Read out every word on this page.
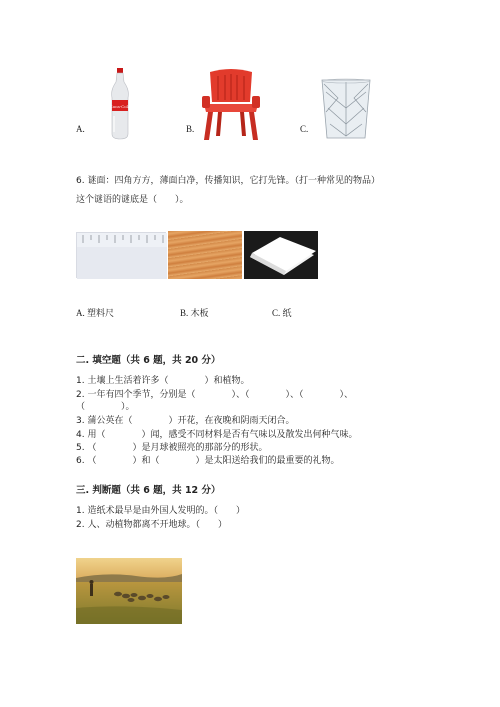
Coca-Cola
A.	B.	C.
6. 谜面：四角方方，薄面白净，传播知识，它打先锋。（打一种常见的物品）
这个谜语的谜底是（　　）。
A. 塑料尺	B. 木板	C. 纸
二. 填空题（共 6 题，共 20 分）
1. 土壤上生活着许多（　　　　）和植物。
2. 一年有四个季节，分别是（　　　　）、（　　　　）、（　　　　）、
（　　　　）。
3. 蒲公英在（　　　　）开花，在夜晚和阴雨天闭合。
4. 用（　　　　）闻，感受不同材料是否有气味以及散发出何种气味。
5. （　　　　）是月球被照亮的那部分的形状。
6. （　　　　）和（　　　　）是太阳送给我们的最重要的礼物。
三. 判断题（共 6 题，共 12 分）
1. 造纸术最早是由外国人发明的。（　　）
2. 人、动植物都离不开地球。（　　）
